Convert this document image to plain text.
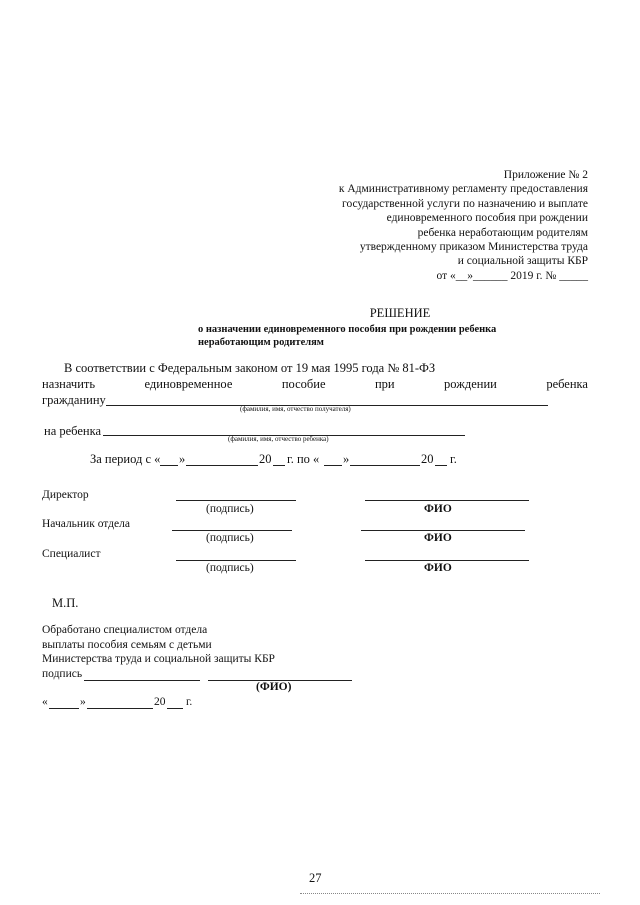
Приложение № 2
к Административному регламенту предоставления
государственной услуги по назначению и выплате
единовременного пособия при рождении
ребенка неработающим родителям
утвержденному приказом Министерства труда
и социальной защиты КБР
от «__»______ 2019 г. № _____
РЕШЕНИЕ
о назначении единовременного пособия при рождении ребенка
неработающим родителям
В соответствии с Федеральным законом от 19 мая 1995 года № 81-ФЗ
назначить	единовременное	пособие	при	рождении	ребенка
гражданину
(фамилия, имя, отчество получателя)
на ребенка
(фамилия, имя, отчество ребенка)
За период с « »	20 г. по « »	20 г.
Директор
(подпись)	ФИО
Начальник отдела
(подпись)	ФИО
Специалист
(подпись)	ФИО
М.П.
Обработано специалистом отдела
выплаты пособия семьям с детьми
Министерства труда и социальной защиты КБР
подпись
(ФИО)
«	»	20 г.
27
